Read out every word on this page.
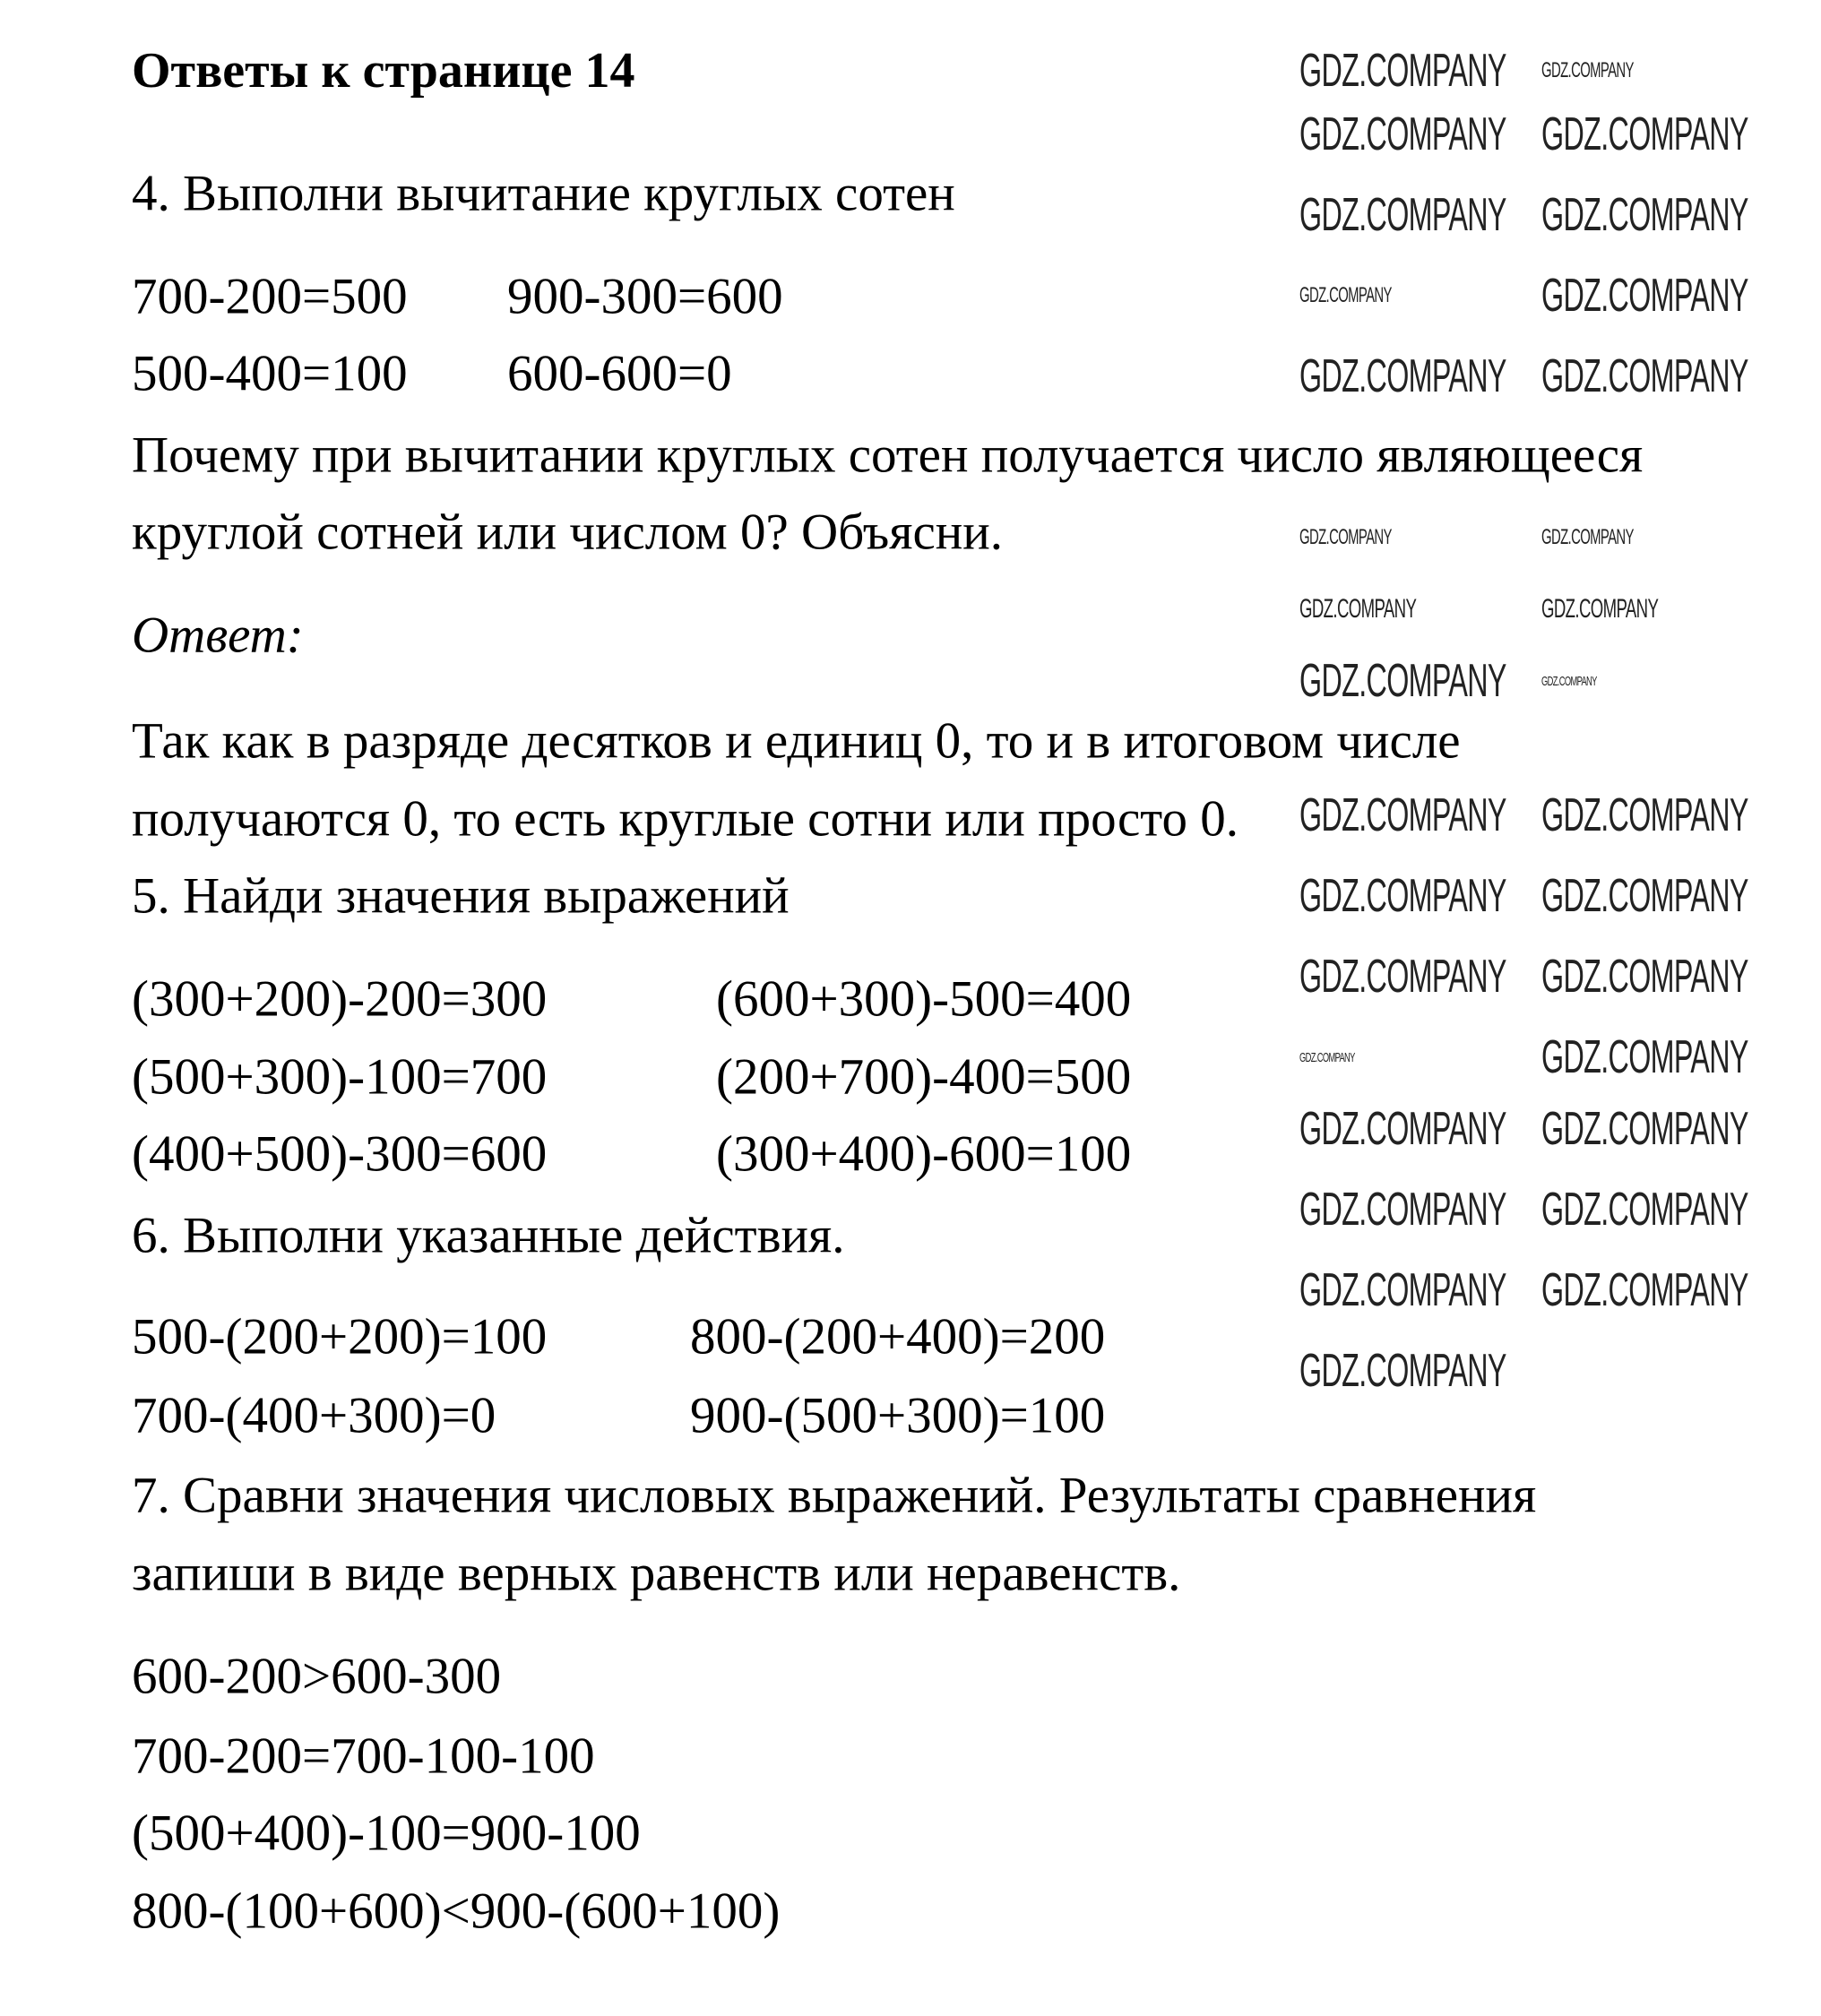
Ответы к странице 14
4. Выполни вычитание круглых сотен
700-200=500 900-300=600
500-400=100 600-600=0
Почему при вычитании круглых сотен получается число являющееся
круглой сотней или числом 0? Объясни.
Ответ:
Так как в разряде десятков и единиц 0, то и в итоговом числе
получаются 0, то есть круглые сотни или просто 0.
5. Найди значения выражений
(300+200)-200=300	(600+300)-500=400
(500+300)-100=700	(200+700)-400=500
(400+500)-300=600	(300+400)-600=100
6. Выполни указанные действия.
500-(200+200)=100	800-(200+400)=200
700-(400+300)=0	900-(500+300)=100
7. Сравни значения числовых выражений. Результаты сравнения
запиши в виде верных равенств или неравенств.
600-200>600-300
700-200=700-100-100
(500+400)-100=900-100
800-(100+600)<900-(600+100)
GDZ.COMPANY GDZ.COMPANY
GDZ.COMPANY GDZ.COMPANY
GDZ.COMPANY GDZ.COMPANY
GDZ.COMPANY	GDZ.COMPANY
GDZ.COMPANY GDZ.COMPANY
GDZ.COMPANY	GDZ.COMPANY
GDZ.COMPANY	GDZ.COMPANY
GDZ.COMPANY	GDZ.COMPANY
GDZ.COMPANY GDZ.COMPANY
GDZ.COMPANY GDZ.COMPANY
GDZ.COMPANY GDZ.COMPANY
GDZ.COMPANY	GDZ.COMPANY
GDZ.COMPANY GDZ.COMPANY
GDZ.COMPANY GDZ.COMPANY
GDZ.COMPANY GDZ.COMPANY
GDZ.COMPANY
